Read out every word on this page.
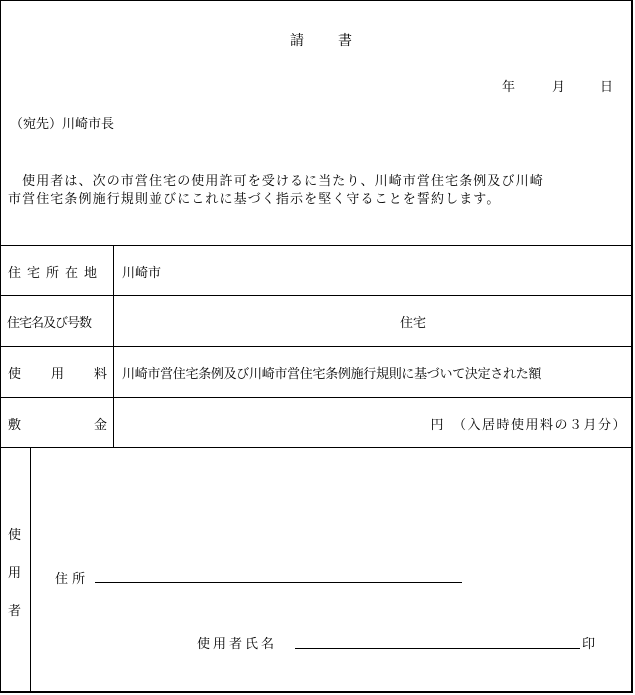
請　　書
年	月	日
（宛先）川崎市長
　使用者は、次の市営住宅の使用許可を受けるに当たり、川崎市営住宅条例及び川崎
市営住宅条例施行規則並びにこれに基づく指示を堅く守ることを誓約します。
住宅所在地 川崎市
住宅名及び号数	住宅
使 用 料 川崎市営住宅条例及び川崎市営住宅条例施行規則に基づいて決定された額
敷	金	円　（入居時使用料の３月分）
使
用
者
住 所
使用者氏名	印
